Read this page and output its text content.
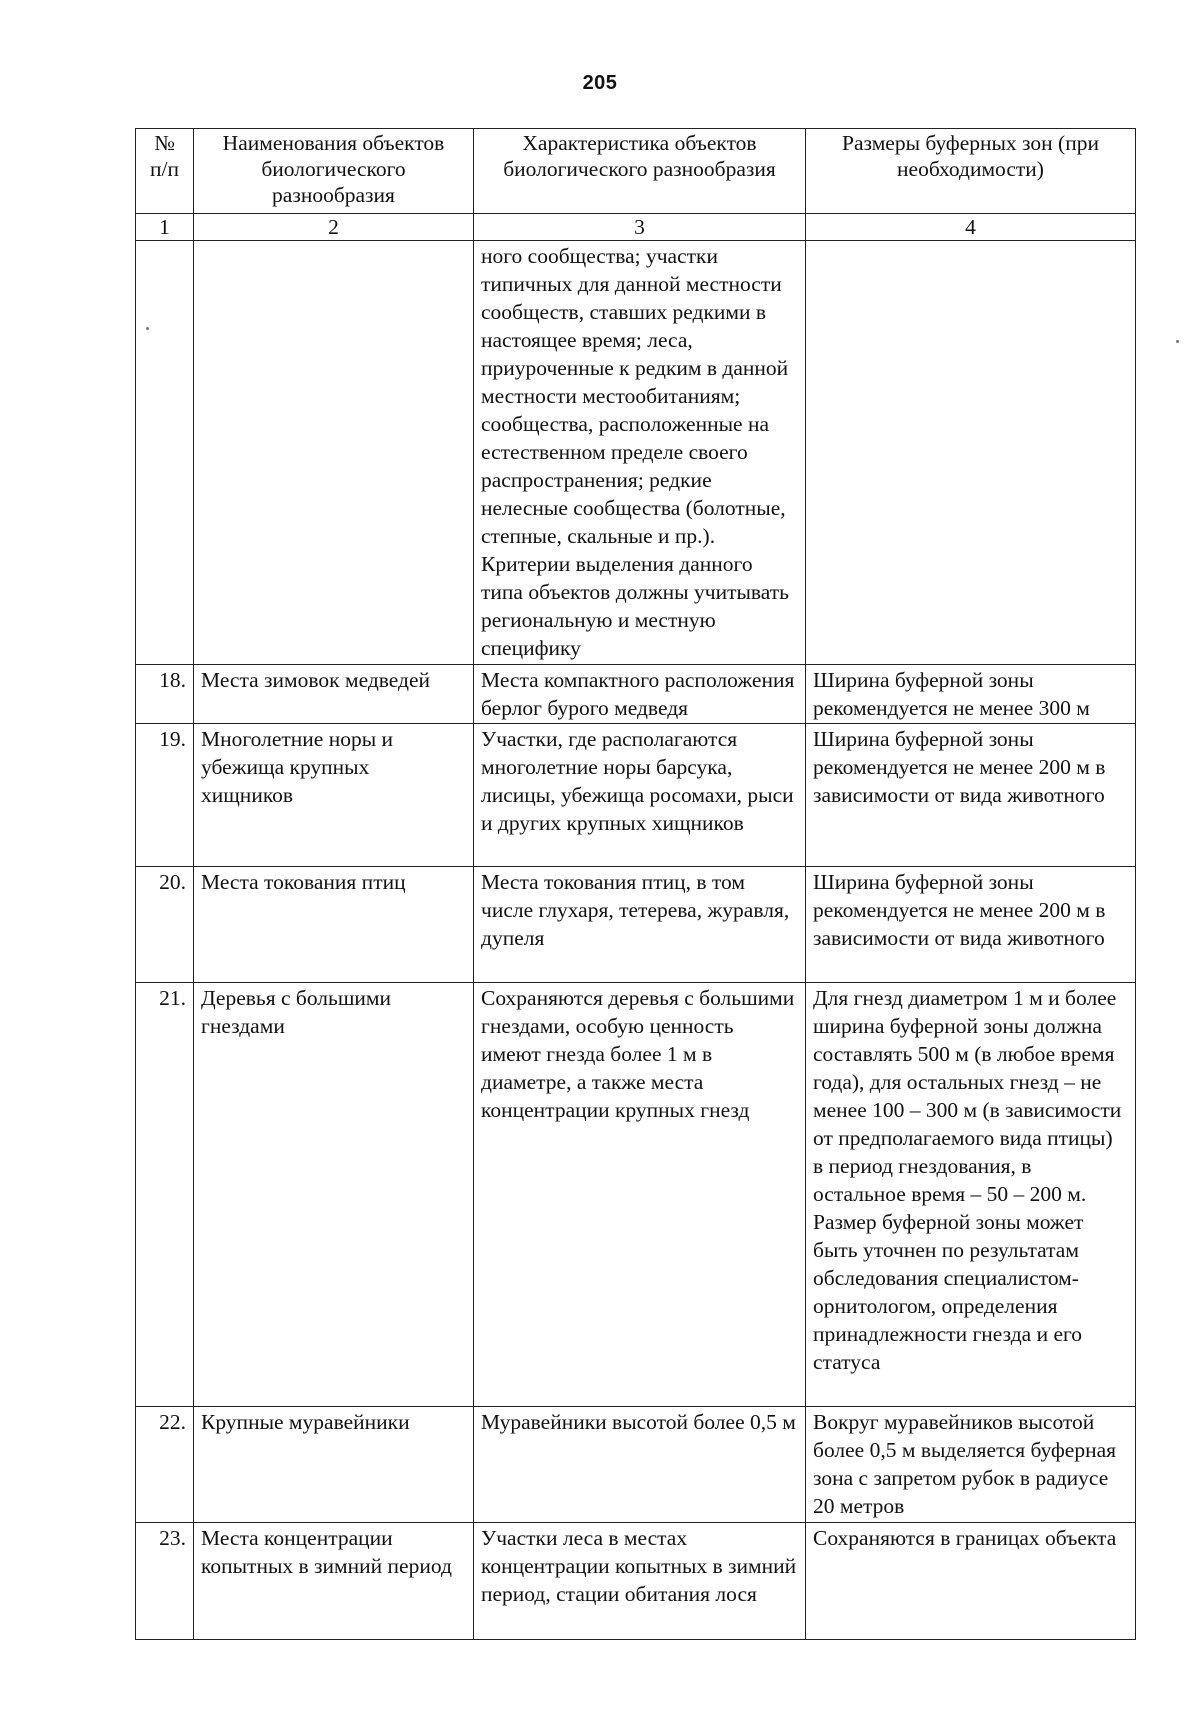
205
№ п/п	Наименования объектов биологического разнообразия	Характеристика объектов биологического разнообразия	Размеры буферных зон (при необходимости)
1	2	3	4
		ного сообщества; участки типичных для данной местности сообществ, ставших редкими в настоящее время; леса, приуроченные к редким в данной местности местообитаниям; сообщества, расположенные на естественном пределе своего распространения; редкие нелесные сообщества (болотные, степные, скальные и пр.). Критерии выделения данного типа объектов должны учитывать региональную и местную специфику	
18.	Места зимовок медведей	Места компактного расположения берлог бурого медведя	Ширина буферной зоны рекомендуется не менее 300 м
19.	Многолетние норы и убежища крупных хищников	Участки, где располагаются многолетние норы барсука, лисицы, убежища росомахи, рыси и других крупных хищников	Ширина буферной зоны рекомендуется не менее 200 м в зависимости от вида животного
20.	Места токования птиц	Места токования птиц, в том числе глухаря, тетерева, журавля, дупеля	Ширина буферной зоны рекомендуется не менее 200 м в зависимости от вида животного
21.	Деревья с большими гнездами	Сохраняются деревья с большими гнездами, особую ценность имеют гнезда более 1 м в диаметре, а также места концентрации крупных гнезд	Для гнезд диаметром 1 м и более ширина буферной зоны должна составлять 500 м (в любое время года), для остальных гнезд – не менее 100 – 300 м (в зависимости от предполагаемого вида птицы) в период гнездования, в остальное время – 50 – 200 м. Размер буферной зоны может быть уточнен по результатам обследования специалистом-орнитологом, определения принадлежности гнезда и его статуса
22.	Крупные муравейники	Муравейники высотой более 0,5 м	Вокруг муравейников высотой более 0,5 м выделяется буферная зона с запретом рубок в радиусе 20 метров
23.	Места концентрации копытных в зимний период	Участки леса в местах концентрации копытных в зимний период, стации обитания лося	Сохраняются в границах объекта
